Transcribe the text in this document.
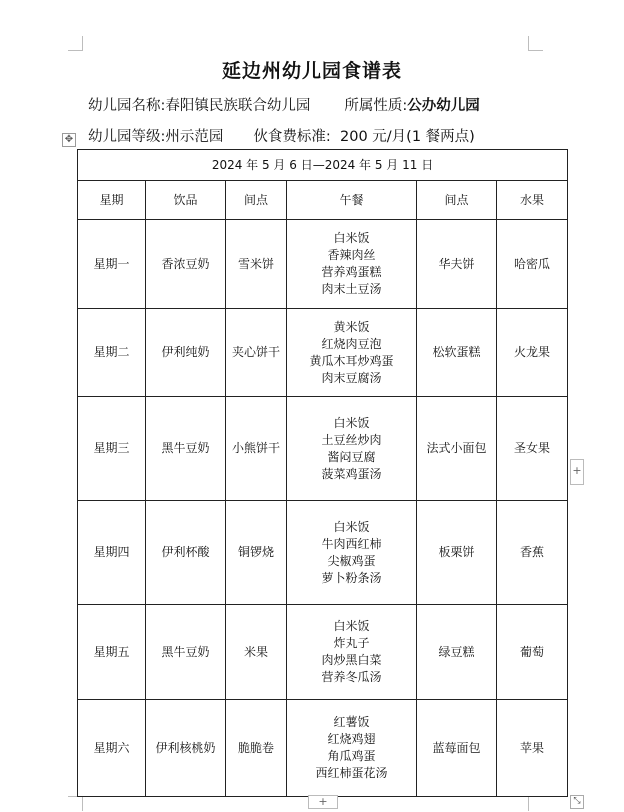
延边州幼儿园食谱表
幼儿园名称:春阳镇民族联合幼儿园 所属性质:公办幼儿园
幼儿园等级:州示范园 伙食费标准: 200 元/月(1 餐两点)
✥
2024 年 5 月 6 日—2024 年 5 月 11 日					
星期	饮品	间点	午餐	间点	水果
星期一	香浓豆奶	雪米饼	白米饭
香辣肉丝
营养鸡蛋糕
肉末土豆汤	华夫饼	哈密瓜
星期二	伊利纯奶	夹心饼干	黄米饭
红烧肉豆泡
黄瓜木耳炒鸡蛋
肉末豆腐汤	松软蛋糕	火龙果
星期三	黑牛豆奶	小熊饼干	白米饭
土豆丝炒肉
酱闷豆腐
菠菜鸡蛋汤	法式小面包	圣女果
星期四	伊利杯酸	铜锣烧	白米饭
牛肉西红柿
尖椒鸡蛋
萝卜粉条汤	板栗饼	香蕉
星期五	黑牛豆奶	米果	白米饭
炸丸子
肉炒黑白菜
营养冬瓜汤	绿豆糕	葡萄
星期六	伊利核桃奶	脆脆卷	红薯饭
红烧鸡翅
角瓜鸡蛋
西红柿蛋花汤	蓝莓面包	苹果
+
+	⤡
